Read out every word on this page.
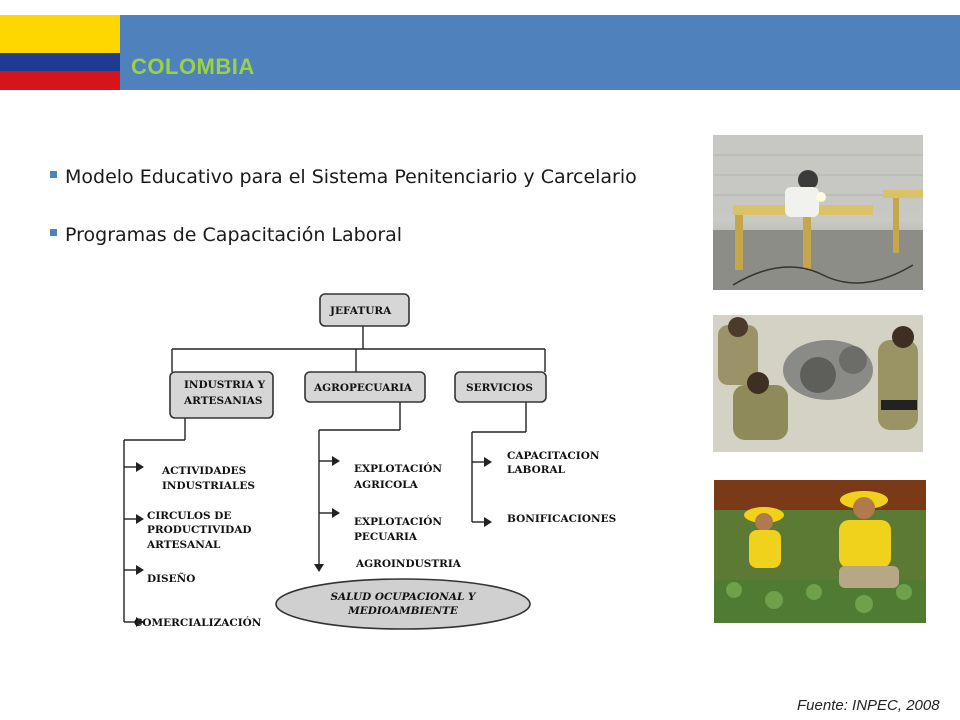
COLOMBIA
Modelo Educativo para el Sistema Penitenciario y Carcelario
Programas de Capacitación Laboral
JEFATURA
INDUSTRIA Y
ARTESANIAS
AGROPECUARIA	SERVICIOS
ACTIVIDADES
INDUSTRIALES
CIRCULOS DE
PRODUCTIVIDAD
ARTESANAL
DISEÑO
COMERCIALIZACIÓN
EXPLOTACIÓN
AGRICOLA
EXPLOTACIÓN
PECUARIA
AGROINDUSTRIA
CAPACITACION
LABORAL
BONIFICACIONES
SALUD OCUPACIONAL Y
MEDIOAMBIENTE
Fuente: INPEC, 2008
